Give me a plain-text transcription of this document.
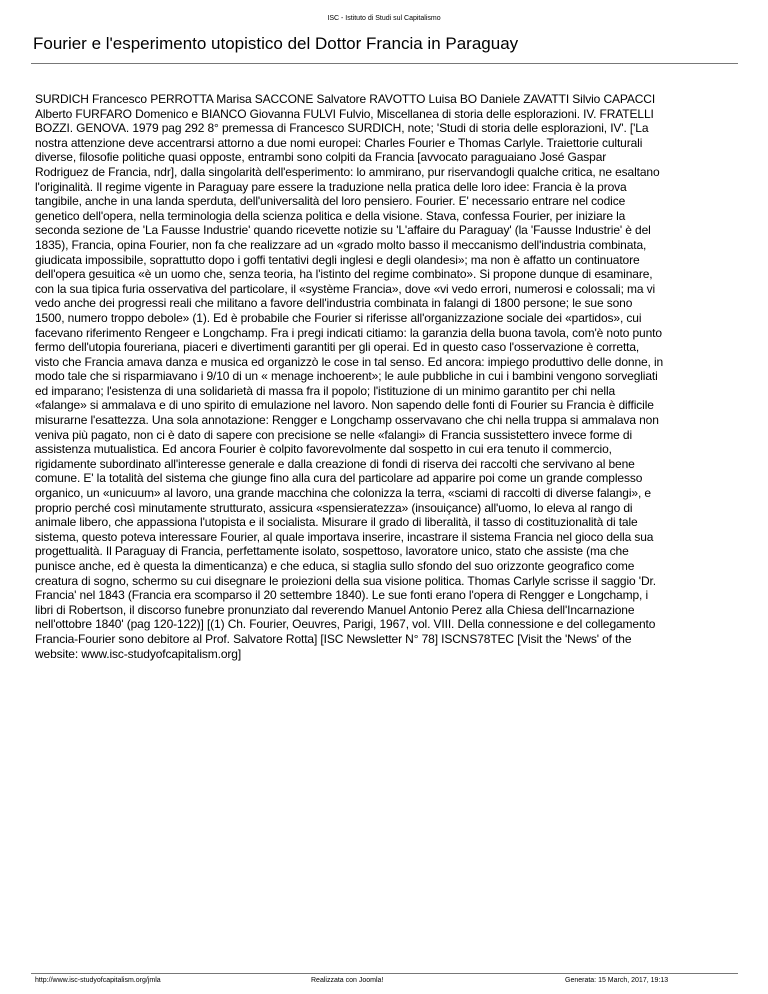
ISC - Istituto di Studi sul Capitalismo
Fourier e l'esperimento utopistico del Dottor Francia in Paraguay
SURDICH Francesco PERROTTA Marisa SACCONE Salvatore RAVOTTO Luisa BO Daniele ZAVATTI Silvio CAPACCI
Alberto FURFARO Domenico e BIANCO Giovanna FULVI Fulvio, Miscellanea di storia delle esplorazioni. IV. FRATELLI
BOZZI. GENOVA. 1979 pag 292 8° premessa di Francesco SURDICH, note; 'Studi di storia delle esplorazioni, IV'. ['La
nostra attenzione deve accentrarsi attorno a due nomi europei: Charles Fourier e Thomas Carlyle. Traiettorie culturali
diverse, filosofie politiche quasi opposte, entrambi sono colpiti da Francia [avvocato paraguaiano José Gaspar
Rodriguez de Francia, ndr], dalla singolarità dell'esperimento: lo ammirano, pur riservandogli qualche critica, ne esaltano
l'originalità. Il regime vigente in Paraguay pare essere la traduzione nella pratica delle loro idee: Francia è la prova
tangibile, anche in una landa sperduta, dell'universalità del loro pensiero. Fourier. E' necessario entrare nel codice
genetico dell'opera, nella terminologia della scienza politica e della visione. Stava, confessa Fourier, per iniziare la
seconda sezione de 'La Fausse Industrie' quando ricevette notizie su 'L'affaire du Paraguay' (la 'Fausse Industrie' è del
1835), Francia, opina Fourier, non fa che realizzare ad un «grado molto basso il meccanismo dell'industria combinata,
giudicata impossibile, soprattutto dopo i goffi tentativi degli inglesi e degli olandesi»; ma non è affatto un continuatore
dell'opera gesuitica «è un uomo che, senza teoria, ha l'istinto del regime combinato». Si propone dunque di esaminare,
con la sua tipica furia osservativa del particolare, il «système Francia», dove «vi vedo errori, numerosi e colossali; ma vi
vedo anche dei progressi reali che militano a favore dell'industria combinata in falangi di 1800 persone; le sue sono
1500, numero troppo debole» (1). Ed è probabile che Fourier si riferisse all'organizzazione sociale dei «partidos», cui
facevano riferimento Rengeer e Longchamp. Fra i pregi indicati citiamo: la garanzia della buona tavola, com'è noto punto
fermo dell'utopia foureriana, piaceri e divertimenti garantiti per gli operai. Ed in questo caso l'osservazione è corretta,
visto che Francia amava danza e musica ed organizzò le cose in tal senso. Ed ancora: impiego produttivo delle donne, in
modo tale che si risparmiavano i 9/10 di un « menage inchoerent»; le aule pubbliche in cui i bambini vengono sorvegliati
ed imparano; l'esistenza di una solidarietà di massa fra il popolo; l'istituzione di un minimo garantito per chi nella
«falange» si ammalava e di uno spirito di emulazione nel lavoro. Non sapendo delle fonti di Fourier su Francia è difficile
misurarne l'esattezza. Una sola annotazione: Rengger e Longchamp osservavano che chi nella truppa si ammalava non
veniva più pagato, non ci è dato di sapere con precisione se nelle «falangi» di Francia sussistettero invece forme di
assistenza mutualistica. Ed ancora Fourier è colpito favorevolmente dal sospetto in cui era tenuto il commercio,
rigidamente subordinato all'interesse generale e dalla creazione di fondi di riserva dei raccolti che servivano al bene
comune. E' la totalità del sistema che giunge fino alla cura del particolare ad apparire poi come un grande complesso
organico, un «unicuum» al lavoro, una grande macchina che colonizza la terra, «sciami di raccolti di diverse falangi», e
proprio perché così minutamente strutturato, assicura «spensieratezza» (insouiçance) all'uomo, lo eleva al rango di
animale libero, che appassiona l'utopista e il socialista. Misurare il grado di liberalità, il tasso di costituzionalità di tale
sistema, questo poteva interessare Fourier, al quale importava inserire, incastrare il sistema Francia nel gioco della sua
progettualità. Il Paraguay di Francia, perfettamente isolato, sospettoso, lavoratore unico, stato che assiste (ma che
punisce anche, ed è questa la dimenticanza) e che educa, si staglia sullo sfondo del suo orizzonte geografico come
creatura di sogno, schermo su cui disegnare le proiezioni della sua visione politica. Thomas Carlyle scrisse il saggio 'Dr.
Francia' nel 1843 (Francia era scomparso il 20 settembre 1840). Le sue fonti erano l'opera di Rengger e Longchamp, i
libri di Robertson, il discorso funebre pronunziato dal reverendo Manuel Antonio Perez alla Chiesa dell'Incarnazione
nell'ottobre 1840' (pag 120-122)] [(1) Ch. Fourier, Oeuvres, Parigi, 1967, vol. VIII. Della connessione e del collegamento
Francia-Fourier sono debitore al Prof. Salvatore Rotta] [ISC Newsletter N° 78] ISCNS78TEC [Visit the 'News' of the
website: www.isc-studyofcapitalism.org]
http://www.isc-studyofcapitalism.org/jmla	Realizzata con Joomla!	Generata: 15 March, 2017, 19:13
